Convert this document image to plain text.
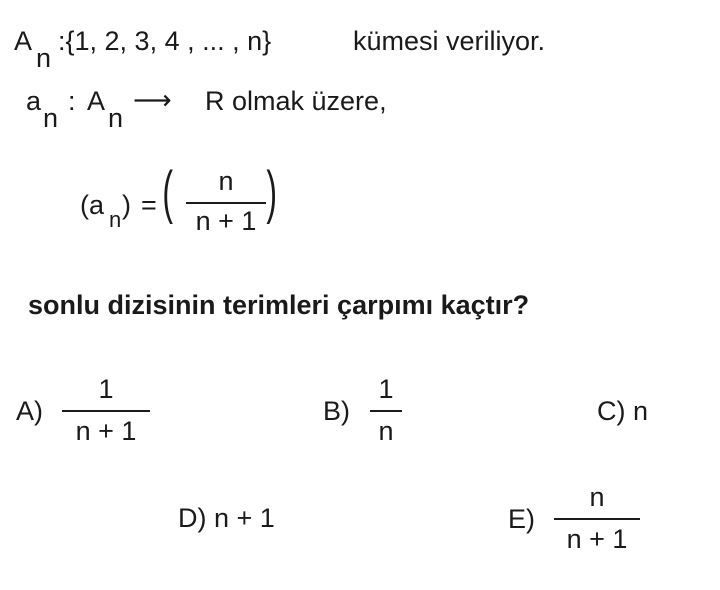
A
n
:{1, 2, 3, 4 , ... , n}	kümesi veriliyor.
a
n
: A
n
⟶ R olmak üzere,
(a n ) = (	n
n + 1 )
sonlu dizisinin terimleri çarpımı kaçtır?
A)
1
n + 1
B)
1
n
C) n
D) n + 1	E)
n
n + 1
